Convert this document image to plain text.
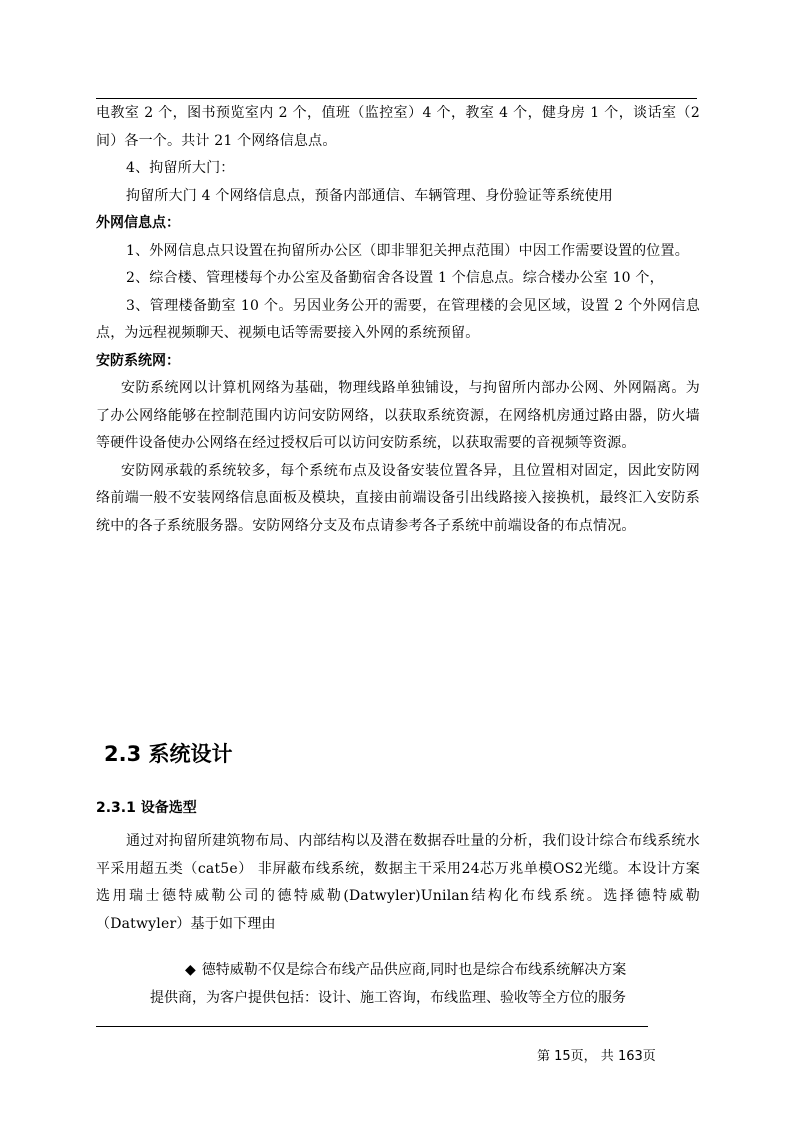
电教室 2 个，图书预览室内 2 个，值班（监控室）4 个，教室 4 个，健身房 1 个，谈话室（2 间）各一个。共计 21 个网络信息点。

4、拘留所大门：

拘留所大门 4 个网络信息点，预备内部通信、车辆管理、身份验证等系统使用

外网信息点：

1、外网信息点只设置在拘留所办公区（即非罪犯关押点范围）中因工作需要设置的位置。

2、综合楼、管理楼每个办公室及备勤宿舍各设置 1 个信息点。综合楼办公室 10 个，

3、管理楼备勤室 10 个。另因业务公开的需要，在管理楼的会见区域，设置 2 个外网信息点，为远程视频聊天、视频电话等需要接入外网的系统预留。

安防系统网：

安防系统网以计算机网络为基础，物理线路单独铺设，与拘留所内部办公网、外网隔离。为了办公网络能够在控制范围内访问安防网络，以获取系统资源，在网络机房通过路由器，防火墙等硬件设备使办公网络在经过授权后可以访问安防系统，以获取需要的音视频等资源。

安防网承载的系统较多，每个系统布点及设备安装位置各异，且位置相对固定，因此安防网络前端一般不安装网络信息面板及模块，直接由前端设备引出线路接入接换机，最终汇入安防系统中的各子系统服务器。安防网络分支及布点请参考各子系统中前端设备的布点情况。

2.3 系统设计
2.3.1 设备选型

通过对拘留所建筑物布局、内部结构以及潜在数据吞吐量的分析，我们设计综合布线系统水平采用超五类（cat5e） 非屏蔽布线系统，数据主干采用24芯万兆单模OS2光缆。本设计方案选用瑞士德特威勒公司的德特威勒(Datwyler)Unilan结构化布线系统。选择德特威勒（Datwyler）基于如下理由

◆ 德特威勒不仅是综合布线产品供应商,同时也是综合布线系统解决方案

提供商，为客户提供包括：设计、施工咨询，布线监理、验收等全方位的服务

第 15页， 共 163页
